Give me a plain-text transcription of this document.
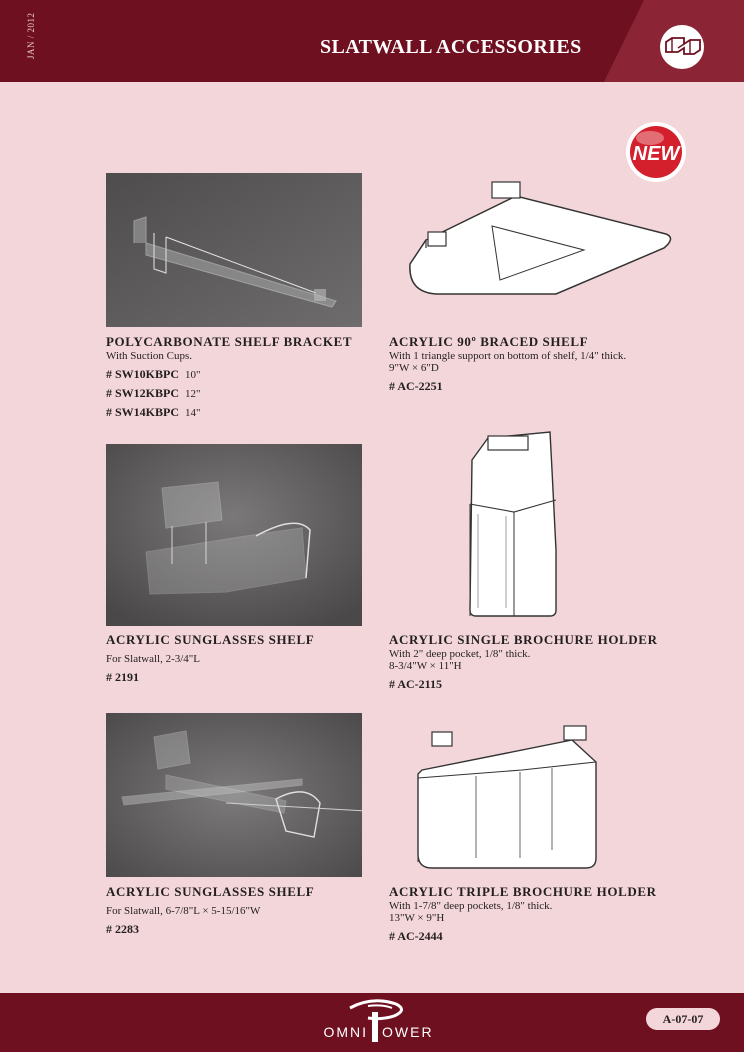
JAN / 2012	SLATWALL ACCESSORIES
NEW

POLYCARBONATE SHELF BRACKET

With Suction Cups.

# SW10KBPC 10"

# SW12KBPC 12"

# SW14KBPC 14"

ACRYLIC 90º BRACED SHELF

With 1 triangle support on bottom of shelf, 1/4" thick.

9"W × 6"D

# AC-2251

ACRYLIC SUNGLASSES SHELF

For Slatwall, 2-3/4"L

# 2191

ACRYLIC SINGLE BROCHURE HOLDER

With 2" deep pocket, 1/8" thick.

8-3/4"W × 11"H

# AC-2115

ACRYLIC SUNGLASSES SHELF

For Slatwall, 6-7/8"L × 5-15/16"W

# 2283

ACRYLIC TRIPLE BROCHURE HOLDER

With 1-7/8" deep pockets, 1/8" thick.

13"W × 9"H

# AC-2444

OMNI OWER
A-07-07
